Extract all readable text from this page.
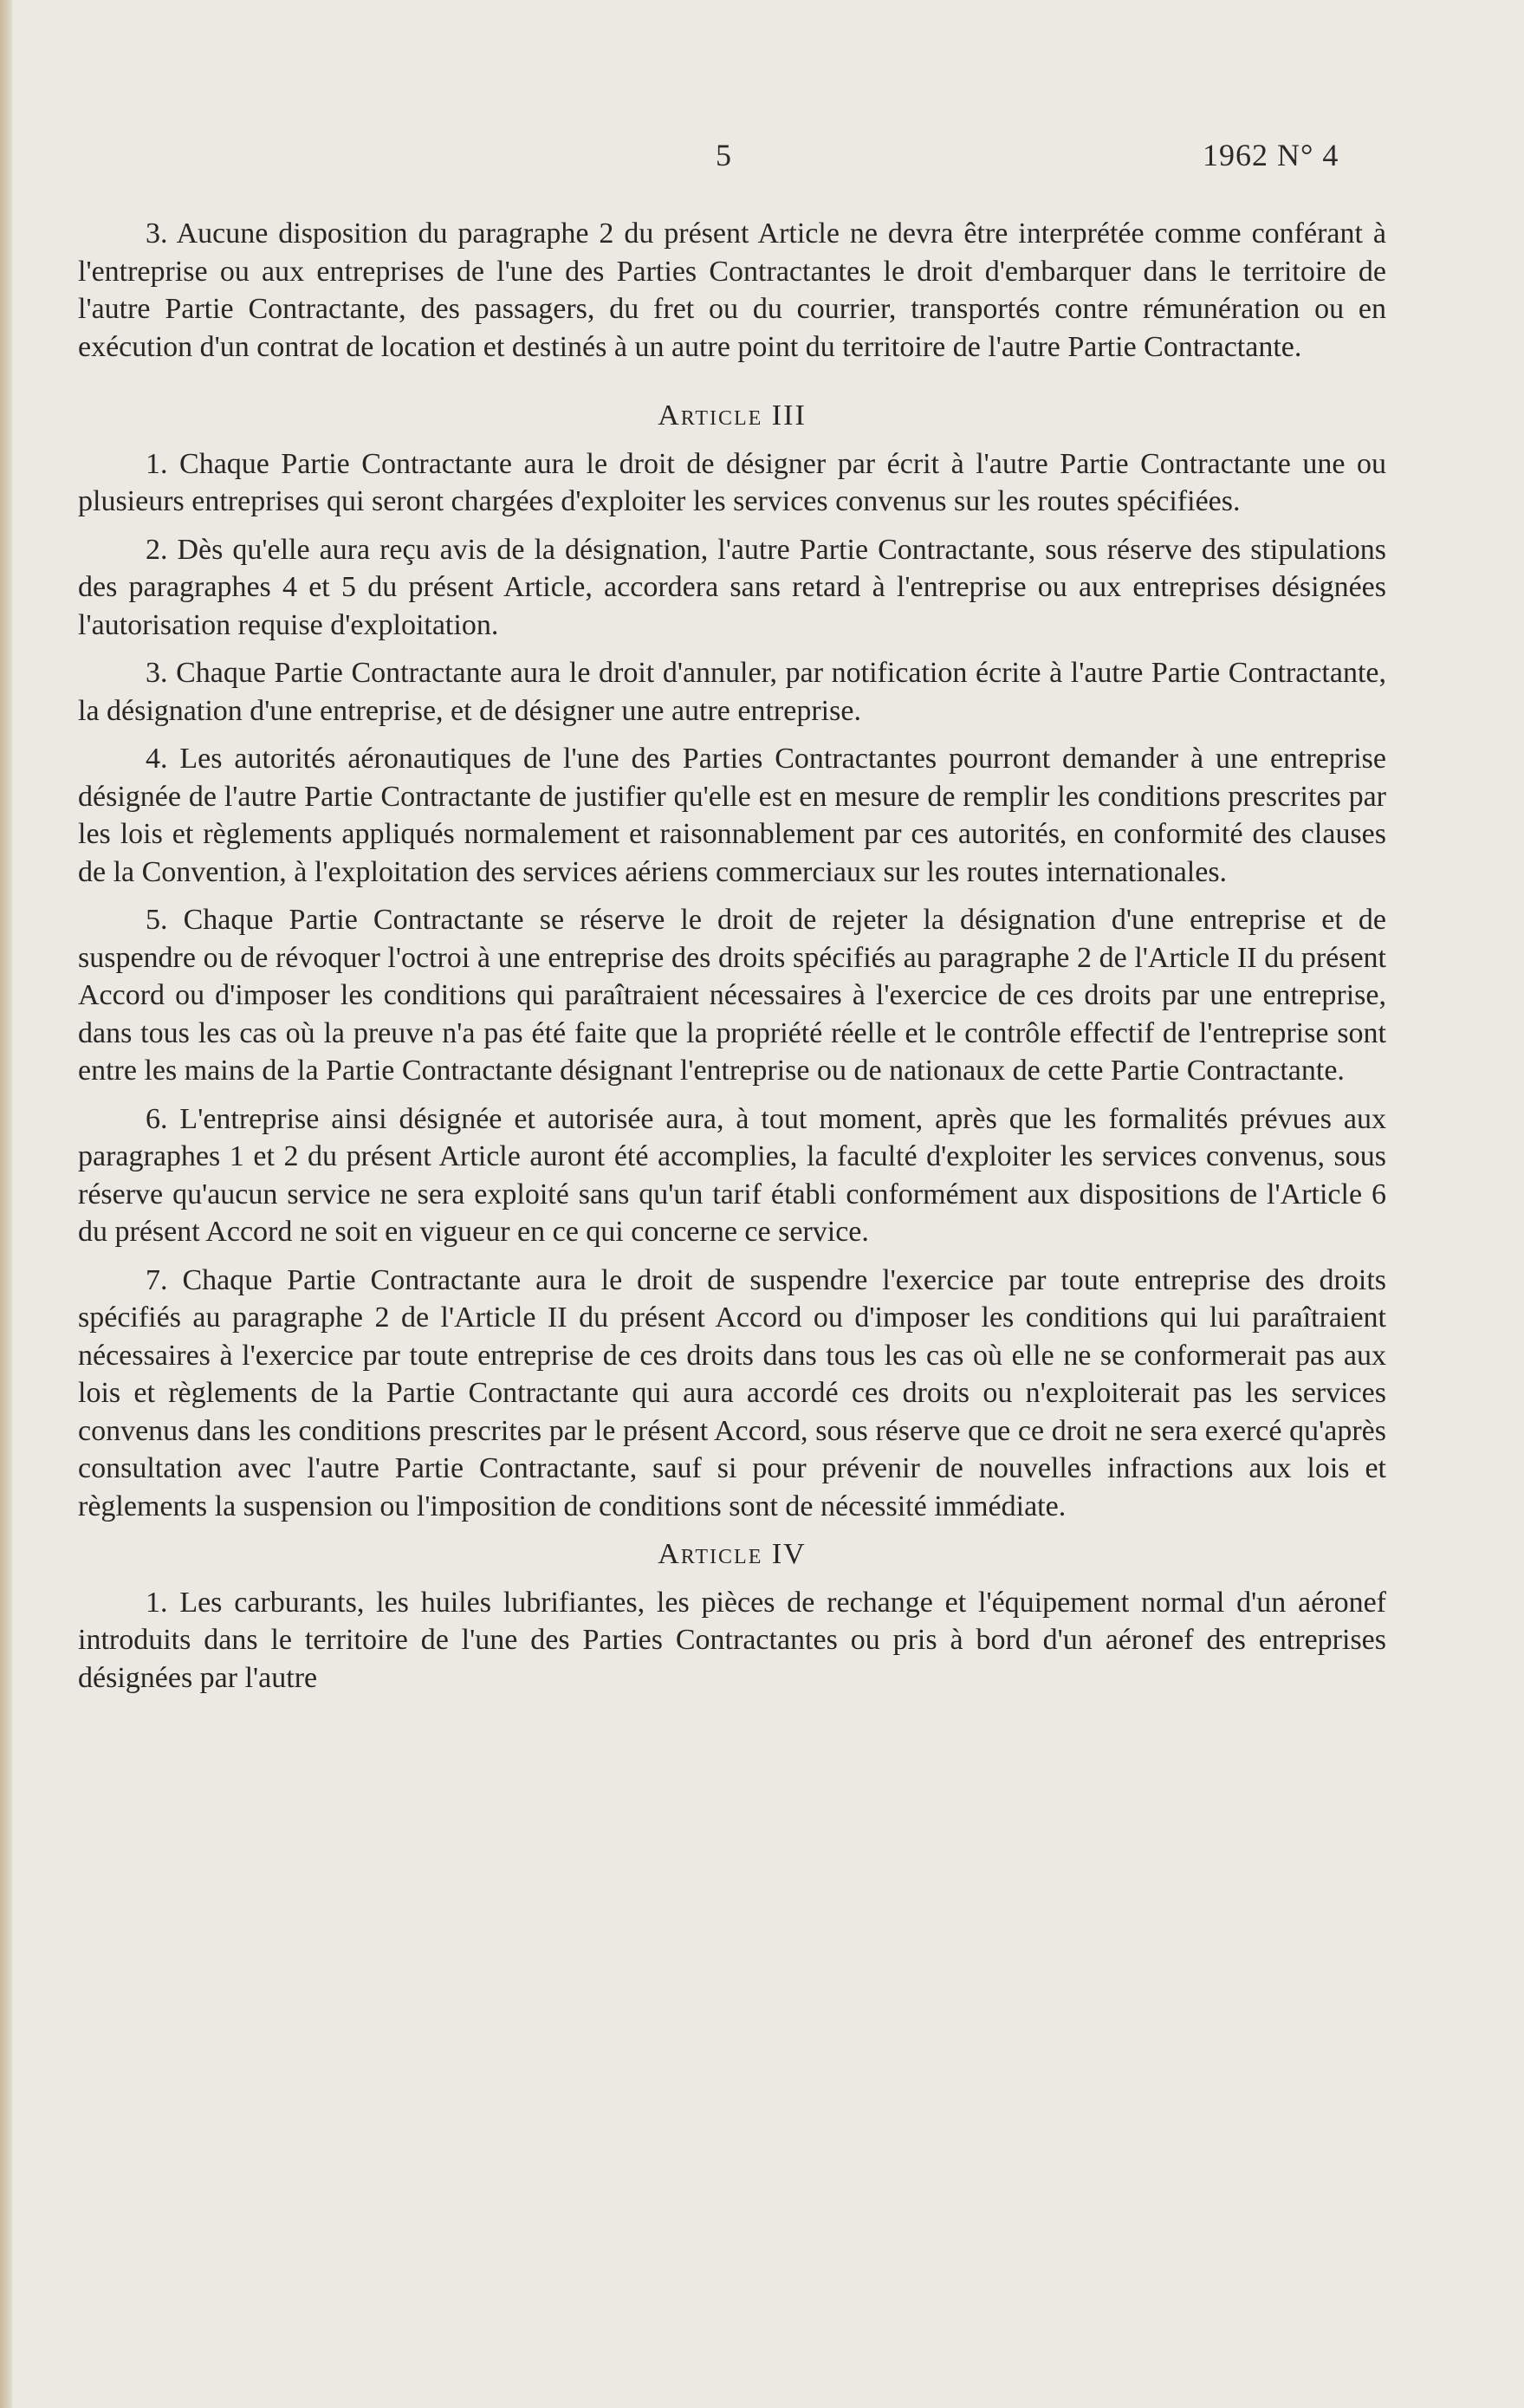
5	1962 N° 4

3. Aucune disposition du paragraphe 2 du présent Article ne devra être interprétée comme conférant à l'entreprise ou aux entreprises de l'une des Parties Contractantes le droit d'embarquer dans le territoire de l'autre Partie Contractante, des passagers, du fret ou du courrier, transportés contre rémunération ou en exécution d'un contrat de location et destinés à un autre point du territoire de l'autre Partie Contractante.

Article III

1. Chaque Partie Contractante aura le droit de désigner par écrit à l'autre Partie Contractante une ou plusieurs entreprises qui seront chargées d'exploiter les services convenus sur les routes spécifiées.

2. Dès qu'elle aura reçu avis de la désignation, l'autre Partie Contractante, sous réserve des stipulations des paragraphes 4 et 5 du présent Article, accordera sans retard à l'entreprise ou aux entreprises désignées l'autorisation requise d'exploitation.

3. Chaque Partie Contractante aura le droit d'annuler, par notification écrite à l'autre Partie Contractante, la désignation d'une entreprise, et de désigner une autre entreprise.

4. Les autorités aéronautiques de l'une des Parties Contractantes pourront demander à une entreprise désignée de l'autre Partie Contractante de justifier qu'elle est en mesure de remplir les conditions prescrites par les lois et règlements appliqués normalement et raisonnablement par ces autorités, en conformité des clauses de la Convention, à l'exploitation des services aériens commerciaux sur les routes internationales.

5. Chaque Partie Contractante se réserve le droit de rejeter la désignation d'une entreprise et de suspendre ou de révoquer l'octroi à une entreprise des droits spécifiés au paragraphe 2 de l'Article II du présent Accord ou d'imposer les conditions qui paraîtraient nécessaires à l'exercice de ces droits par une entreprise, dans tous les cas où la preuve n'a pas été faite que la propriété réelle et le contrôle effectif de l'entreprise sont entre les mains de la Partie Contractante désignant l'entreprise ou de nationaux de cette Partie Contractante.

6. L'entreprise ainsi désignée et autorisée aura, à tout moment, après que les formalités prévues aux paragraphes 1 et 2 du présent Article auront été accomplies, la faculté d'exploiter les services convenus, sous réserve qu'aucun service ne sera exploité sans qu'un tarif établi conformément aux dispositions de l'Article 6 du présent Accord ne soit en vigueur en ce qui concerne ce service.

7. Chaque Partie Contractante aura le droit de suspendre l'exercice par toute entreprise des droits spécifiés au paragraphe 2 de l'Article II du présent Accord ou d'imposer les conditions qui lui paraîtraient nécessaires à l'exercice par toute entreprise de ces droits dans tous les cas où elle ne se conformerait pas aux lois et règlements de la Partie Contractante qui aura accordé ces droits ou n'exploiterait pas les services convenus dans les conditions prescrites par le présent Accord, sous réserve que ce droit ne sera exercé qu'après consultation avec l'autre Partie Contractante, sauf si pour prévenir de nouvelles infractions aux lois et règlements la suspension ou l'imposition de conditions sont de nécessité immédiate.

Article IV

1. Les carburants, les huiles lubrifiantes, les pièces de rechange et l'équipement normal d'un aéronef introduits dans le territoire de l'une des Parties Contractantes ou pris à bord d'un aéronef des entreprises désignées par l'autre
